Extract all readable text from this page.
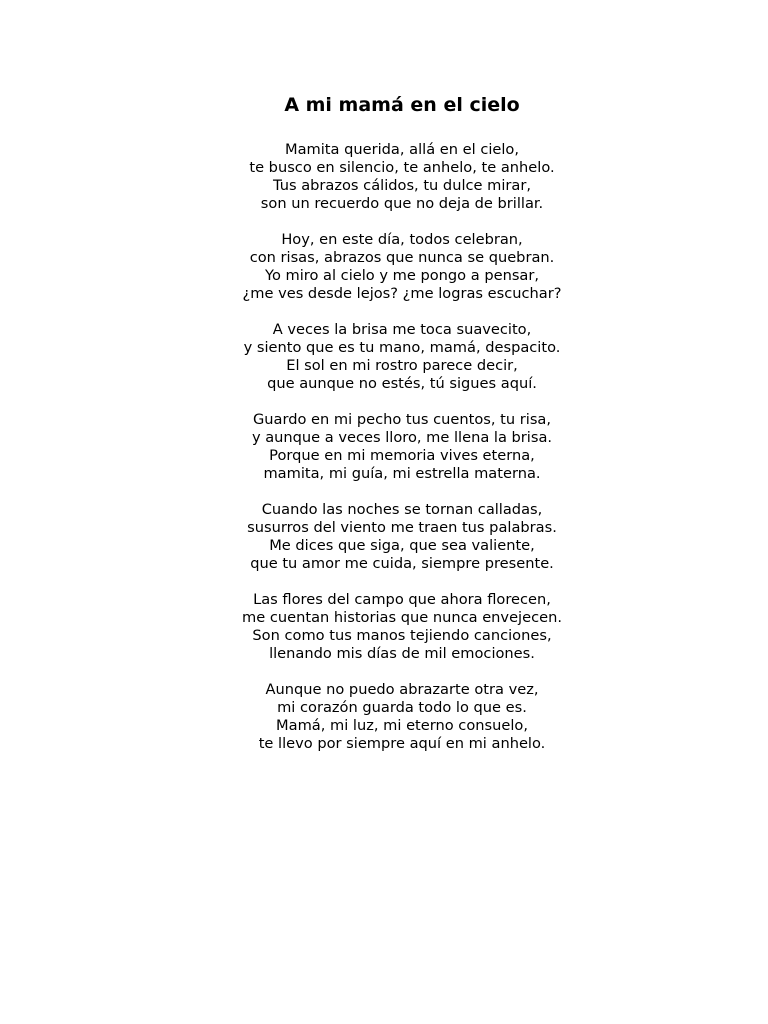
A mi mamá en el cielo
Mamita querida, allá en el cielo,
te busco en silencio, te anhelo, te anhelo.
Tus abrazos cálidos, tu dulce mirar,
son un recuerdo que no deja de brillar.
Hoy, en este día, todos celebran,
con risas, abrazos que nunca se quebran.
Yo miro al cielo y me pongo a pensar,
¿me ves desde lejos? ¿me logras escuchar?
A veces la brisa me toca suavecito,
y siento que es tu mano, mamá, despacito.
El sol en mi rostro parece decir,
que aunque no estés, tú sigues aquí.
Guardo en mi pecho tus cuentos, tu risa,
y aunque a veces lloro, me llena la brisa.
Porque en mi memoria vives eterna,
mamita, mi guía, mi estrella materna.
Cuando las noches se tornan calladas,
susurros del viento me traen tus palabras.
Me dices que siga, que sea valiente,
que tu amor me cuida, siempre presente.
Las flores del campo que ahora florecen,
me cuentan historias que nunca envejecen.
Son como tus manos tejiendo canciones,
llenando mis días de mil emociones.
Aunque no puedo abrazarte otra vez,
mi corazón guarda todo lo que es.
Mamá, mi luz, mi eterno consuelo,
te llevo por siempre aquí en mi anhelo.
